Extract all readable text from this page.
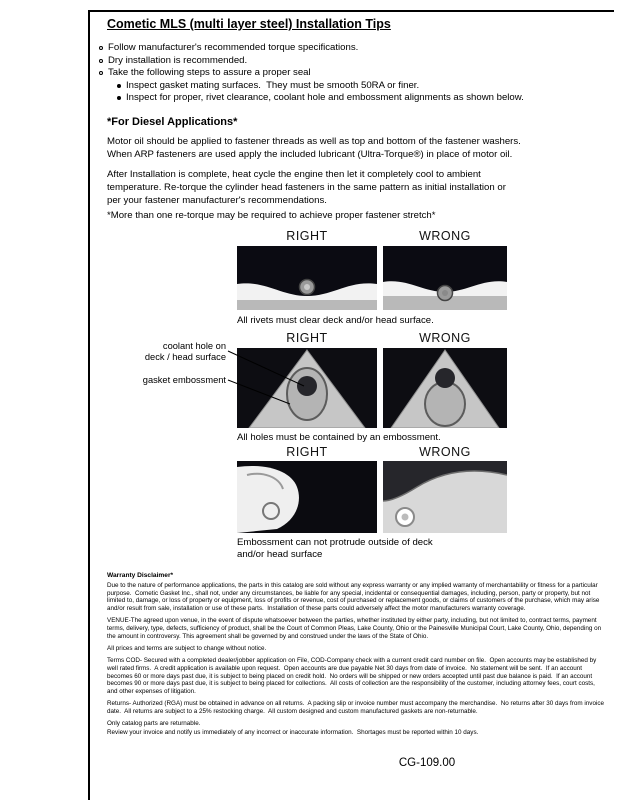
Cometic MLS (multi layer steel) Installation Tips
Follow manufacturer's recommended torque specifications.
Dry installation is recommended.
Take the following steps to assure a proper seal
Inspect gasket mating surfaces.  They must be smooth 50RA or finer.
Inspect for proper, rivet clearance, coolant hole and embossment alignments as shown below.
*For Diesel Applications*
Motor oil should be applied to fastener threads as well as top and bottom of the fastener washers. When ARP fasteners are used apply the included lubricant (Ultra-Torque®) in place of motor oil.
After Installation is complete, heat cycle the engine then let it completely cool to ambient temperature. Re-torque the cylinder head fasteners in the same pattern as initial installation or per your fastener manufacturer's recommendations.
*More than one re-torque may be required to achieve proper fastener stretch*
RIGHT	WRONG
All rivets must clear deck and/or head surface.
RIGHT	WRONG
coolant hole on
deck / head surface
gasket embossment
All holes must be contained by an embossment.
RIGHT	WRONG
Embossment can not protrude outside of deck and/or head surface
Warranty Disclaimer*

Due to the nature of performance applications, the parts in this catalog are sold without any express warranty or any implied warranty of merchantability or fitness for a particular purpose.  Cometic Gasket Inc., shall not, under any circumstances, be liable for any special, incidental or consequential damages, including, person, party or property, but not limited to, damage, or loss of property or equipment, loss of profits or revenue, cost of purchased or replacement goods, or claims of customers of the purchase, which may arise and/or result from sale, installation or use of these parts.  Installation of these parts could adversely affect the motor manufacturers warranty coverage.

VENUE-The agreed upon venue, in the event of dispute whatsoever between the parties, whether instituted by either party, including, but not limited to, contract terms, payment terms, delivery, type, defects, sufficiency of product, shall be the Court of Common Pleas, Lake County, Ohio or the Painesville Municipal Court, Lake County, Ohio, depending on the amount in controversy. This agreement shall be governed by and construed under the laws of the State of Ohio.

All prices and terms are subject to change without notice.

Terms COD- Secured with a completed dealer/jobber application on File, COD-Company check with a current credit card number on file.  Open accounts may be established by well rated firms.  A credit application is available upon request.  Open accounts are due payable Net 30 days from date of invoice.  No statement will be sent.  If an account becomes 60 or more days past due, it is subject to being placed on credit hold.  No orders will be shipped or new orders accepted until past due balance is paid.  If an account becomes 90 or more days past due, it is subject to being placed for collections.  All costs of collection are the responsibility of the customer, including attorney fees, court costs, and other expenses of litigation.

Returns- Authorized (RGA) must be obtained in advance on all returns.  A packing slip or invoice number must accompany the merchandise.  No returns after 30 days from invoice date.  All returns are subject to a 25% restocking charge.  All custom designed and custom manufactured gaskets are non-returnable.

Only catalog parts are returnable.

Review your invoice and notify us immediately of any incorrect or inaccurate information.  Shortages must be reported within 10 days.

CG-109.00
